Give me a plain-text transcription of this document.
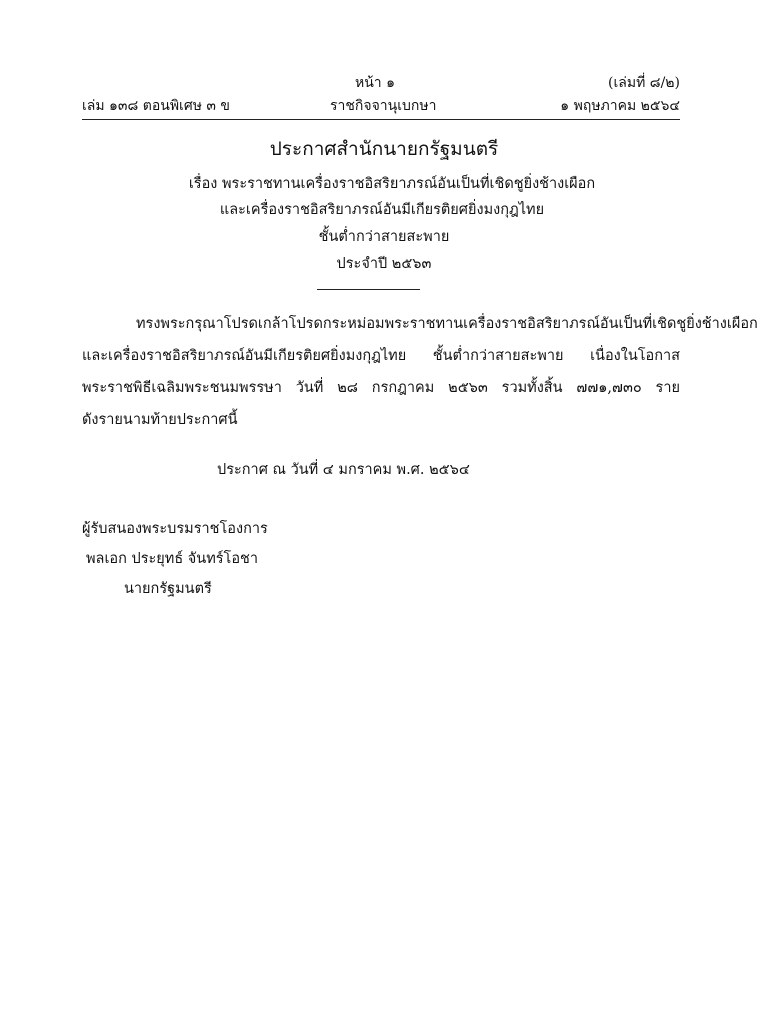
หน้า ๑	(เล่มที่ ๘/๒)
เล่ม ๑๓๘ ตอนพิเศษ ๓ ข	ราชกิจจานุเบกษา	๑ พฤษภาคม ๒๕๖๔
ประกาศสำนักนายกรัฐมนตรี
เรื่อง พระราชทานเครื่องราชอิสริยาภรณ์อันเป็นที่เชิดชูยิ่งช้างเผือก
และเครื่องราชอิสริยาภรณ์อันมีเกียรติยศยิ่งมงกุฎไทย
ชั้นต่ำกว่าสายสะพาย
ประจำปี ๒๕๖๓
ทรงพระกรุณาโปรดเกล้าโปรดกระหม่อมพระราชทานเครื่องราชอิสริยาภรณ์อันเป็นที่เชิดชูยิ่งช้างเผือก
และเครื่องราชอิสริยาภรณ์อันมีเกียรติยศยิ่งมงกุฎไทย ชั้นต่ำกว่าสายสะพาย เนื่องในโอกาส
พระราชพิธีเฉลิมพระชนมพรรษา วันที่ ๒๘ กรกฎาคม ๒๕๖๓ รวมทั้งสิ้น ๗๗๑,๗๓๐ ราย
ดังรายนามท้ายประกาศนี้
ประกาศ ณ วันที่ ๔ มกราคม พ.ศ. ๒๕๖๔
ผู้รับสนองพระบรมราชโองการ
พลเอก ประยุทธ์ จันทร์โอชา
นายกรัฐมนตรี
